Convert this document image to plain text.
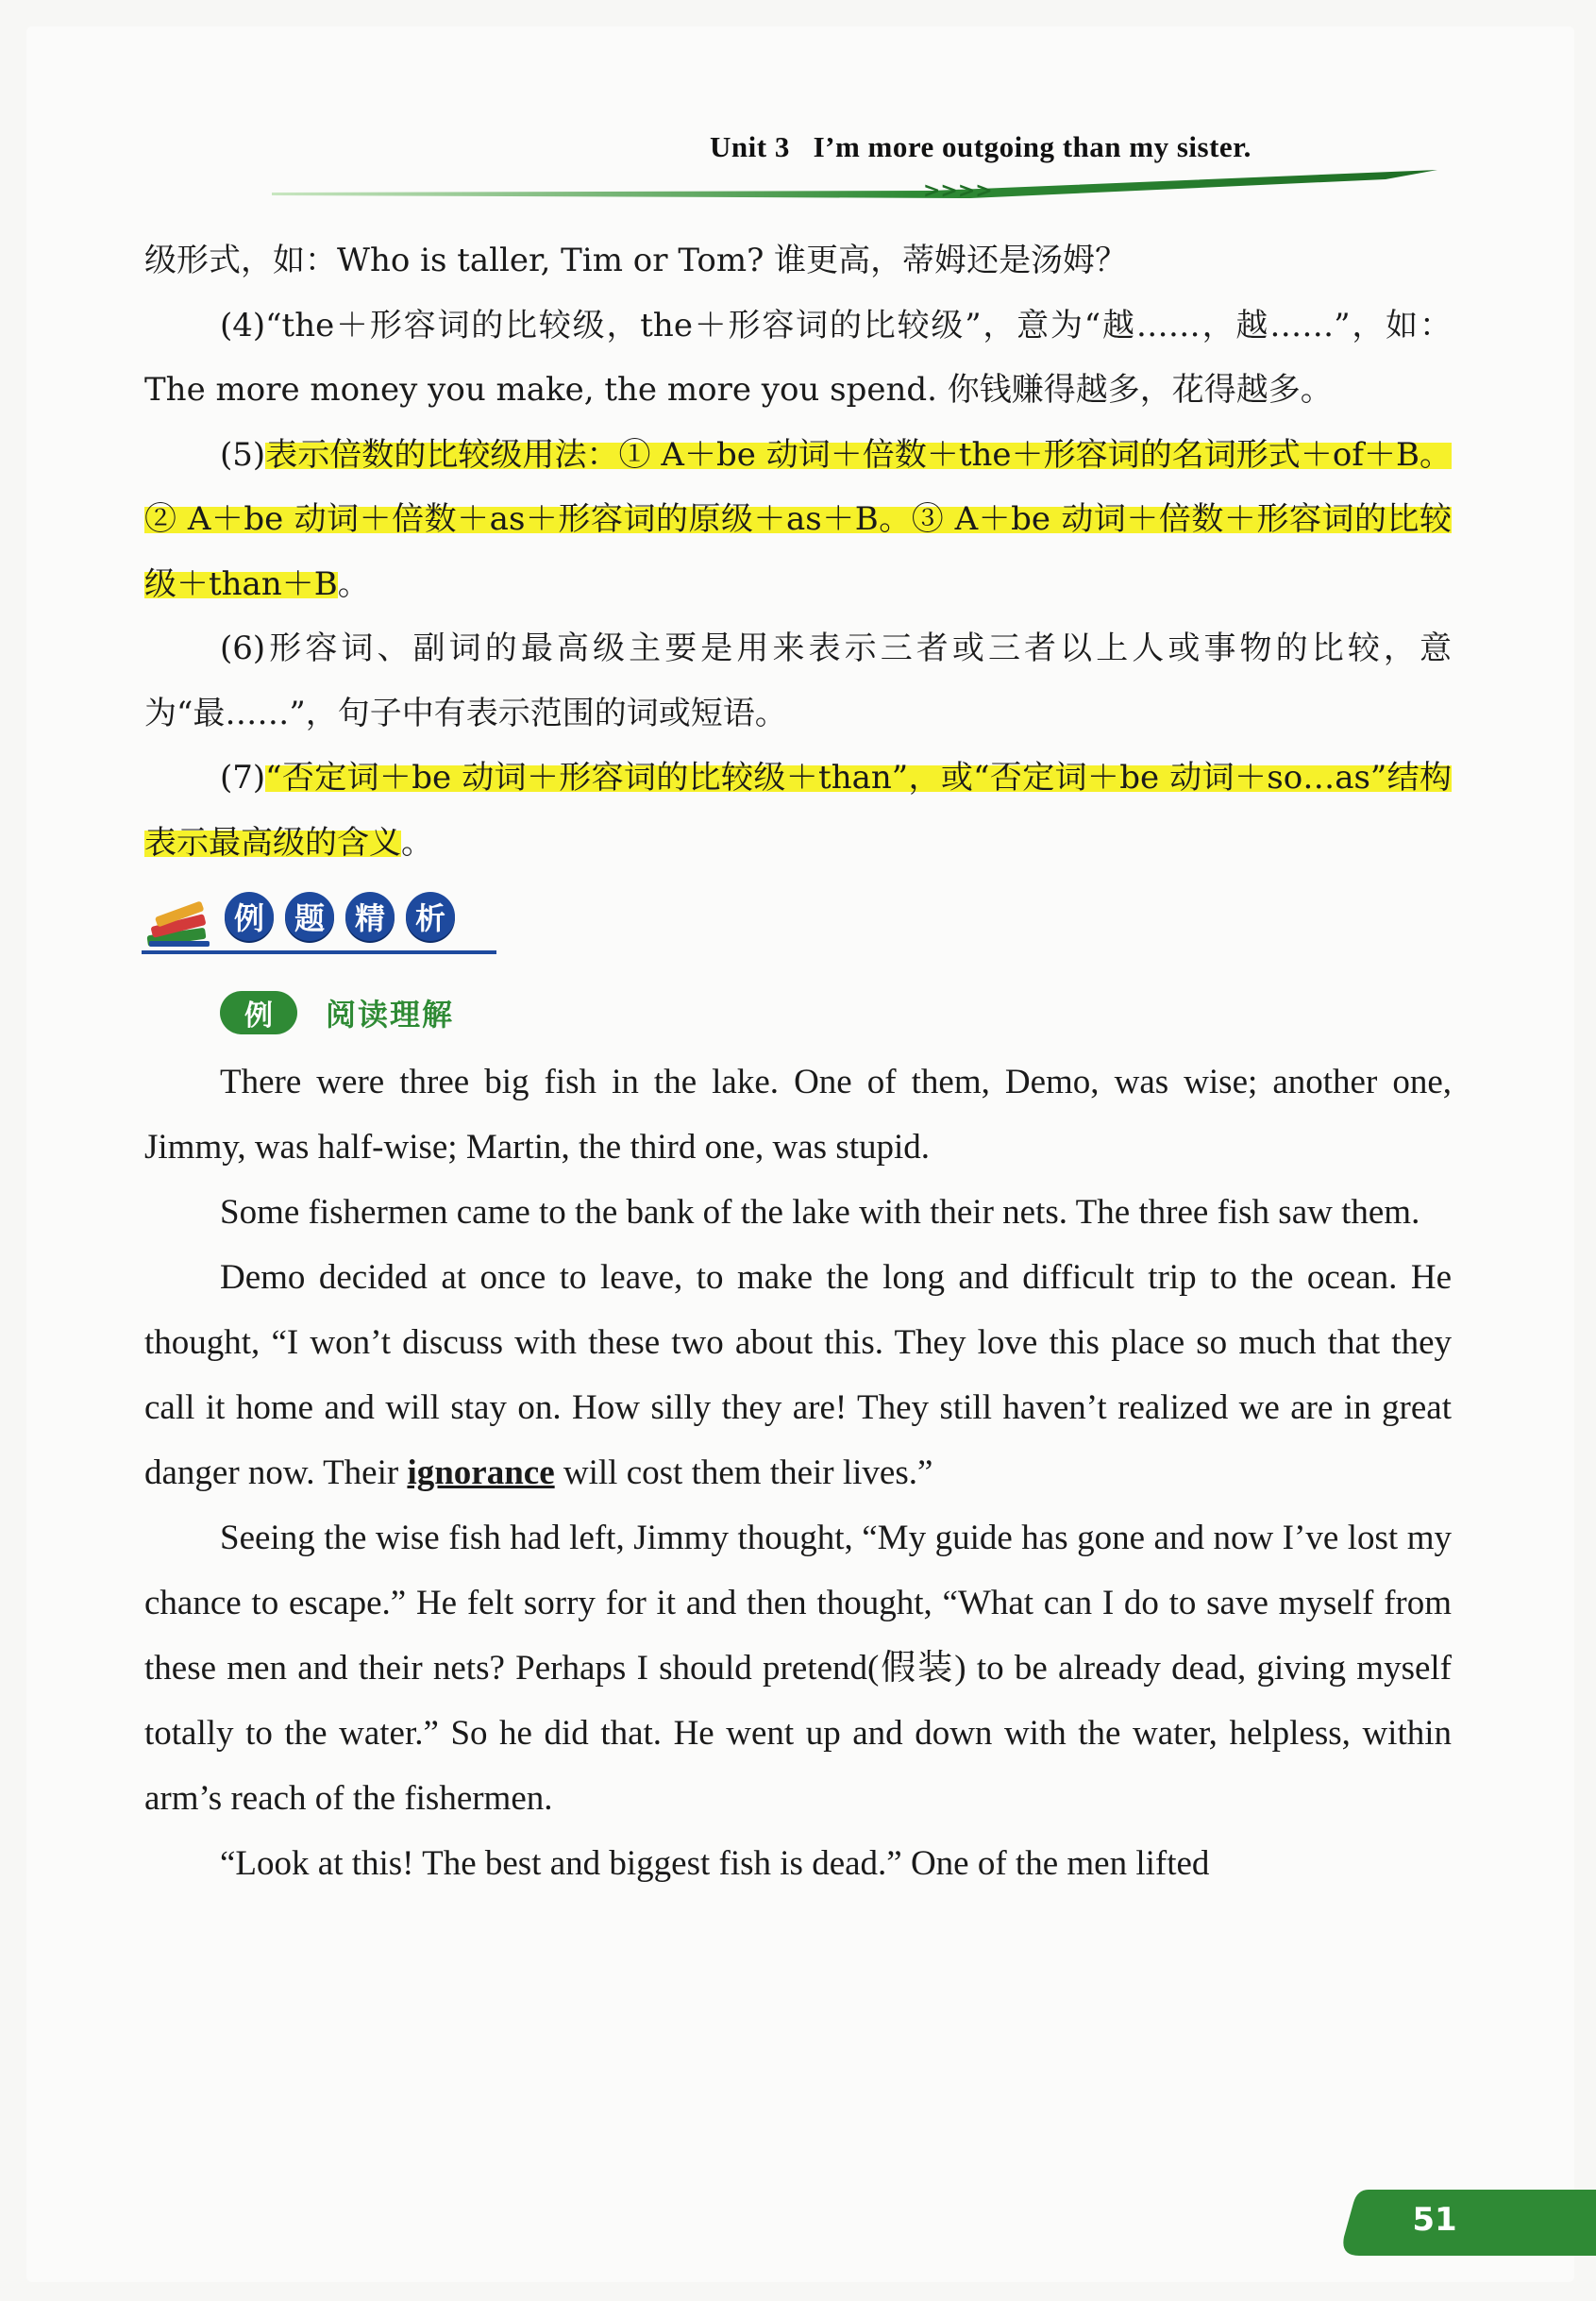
Unit 3   I’m more outgoing than my sister.
>>>>

级形式，如：Who is taller, Tim or Tom? 谁更高，蒂姆还是汤姆？

(4)“the＋形容词的比较级，the＋形容词的比较级”，意为“越……，越……”，如：The more money you make, the more you spend. 你钱赚得越多，花得越多。

(5)表示倍数的比较级用法：① A＋be 动词＋倍数＋the＋形容词的名词形式＋of＋B。② A＋be 动词＋倍数＋as＋形容词的原级＋as＋B。③ A＋be 动词＋倍数＋形容词的比较级＋than＋B。

(6)形容词、副词的最高级主要是用来表示三者或三者以上人或事物的比较，意为“最……”，句子中有表示范围的词或短语。

(7)“否定词＋be 动词＋形容词的比较级＋than”，或“否定词＋be 动词＋so…as”结构表示最高级的含义。

例 题 精 析
例	阅读理解

There were three big fish in the lake. One of them, Demo, was wise; another one, Jimmy, was half-wise; Martin, the third one, was stupid.

Some fishermen came to the bank of the lake with their nets. The three fish saw them.

Demo decided at once to leave, to make the long and difficult trip to the ocean. He thought, “I won’t discuss with these two about this. They love this place so much that they call it home and will stay on. How silly they are! They still haven’t realized we are in great danger now. Their ignorance will cost them their lives.”

Seeing the wise fish had left, Jimmy thought, “My guide has gone and now I’ve lost my chance to escape.” He felt sorry for it and then thought, “What can I do to save myself from these men and their nets? Perhaps I should pretend(假装) to be already dead, giving myself totally to the water.” So he did that. He went up and down with the water, helpless, within arm’s reach of the fishermen.

“Look at this! The best and biggest fish is dead.” One of the men lifted

51
